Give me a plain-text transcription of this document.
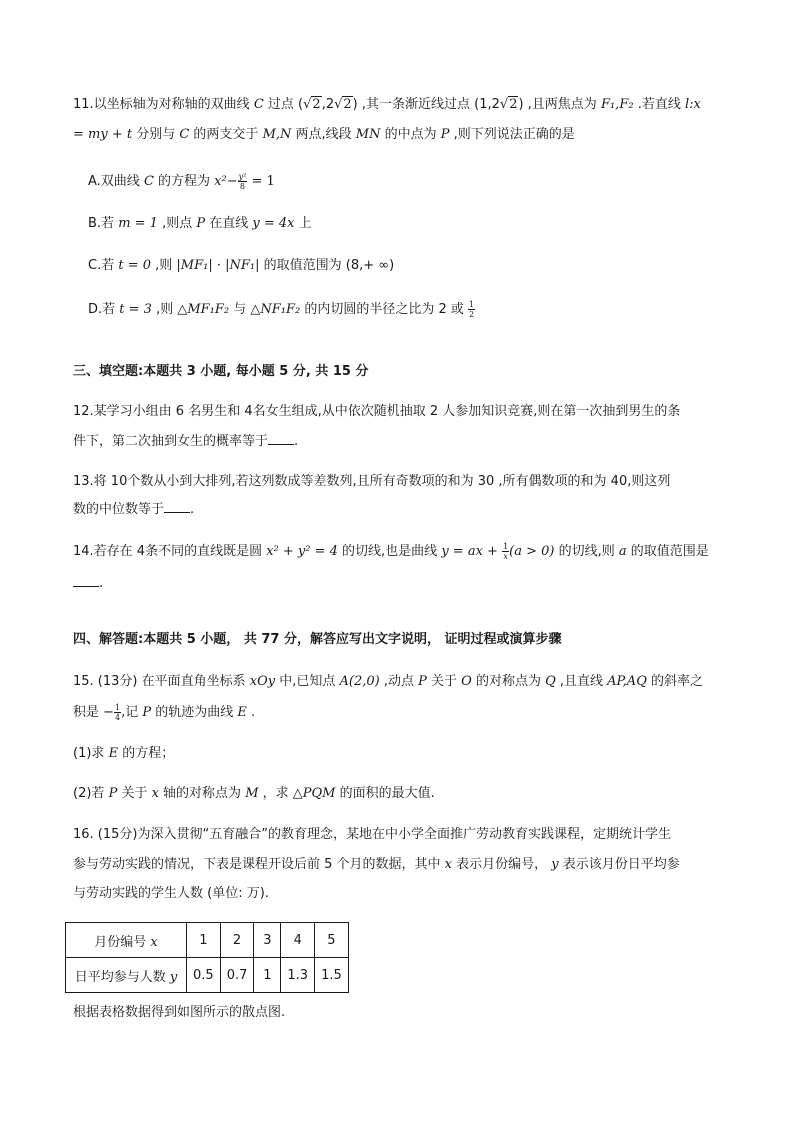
11.以坐标轴为对称轴的双曲线 C 过点 (√2,2√2) ,其一条渐近线过点 (1,2√2) ,且两焦点为 F₁,F₂ .若直线 l:x
= my + t 分别与 C 的两支交于 M,N 两点,线段 MN 的中点为 P ,则下列说法正确的是
A.双曲线 C 的方程为 $x^2- \frac{\text{y²}}{8} = 1$
B.若 m = 1 ,则点 P 在直线 y = 4x 上
C.若 t = 0 ,则 |MF₁| · |NF₁| 的取值范围为 (8,+ ∞)
D.若 t = 3 ,则 △MF₁F₂ 与 △NF₁F₂ 的内切圆的半径之比为 2 或 $\frac{1}{2}$
三、填空题:本题共 3 小题, 每小题 5 分, 共 15 分
12.某学习小组由 6 名男生和 4名女生组成,从中依次随机抽取 2 人参加知识竞赛,则在第一次抽到男生的条
件下，第二次抽到女生的概率等于 .
13.将 10个数从小到大排列,若这列数成等差数列,且所有奇数项的和为 30 ,所有偶数项的和为 40,则这列
数的中位数等于 .
14.若存在 4条不同的直线既是圆 x² + y² = 4 的切线,也是曲线 y = ax + $\frac{1}{x} (a > 0)$ 的切线,则 a 的取值范围是
.
四、解答题:本题共 5 小题， 共 77 分，解答应写出文字说明， 证明过程或演算步骤
15. (13分) 在平面直角坐标系 xOy 中,已知点 A(2,0) ,动点 P 关于 O 的对称点为 Q ,且直线 AP,AQ 的斜率之
积是 − $\frac{1}{4}$ ,记 P 的轨迹为曲线 E .
(1)求 E 的方程；
(2)若 P 关于 x 轴的对称点为 M ，求 △PQM 的面积的最大值.
16. (15分)为深入贯彻“五育融合”的教育理念，某地在中小学全面推广劳动教育实践课程，定期统计学生
参与劳动实践的情况，下表是课程开设后前 5 个月的数据，其中 x 表示月份编号， y 表示该月份日平均参
与劳动实践的学生人数 (单位: 万).
月份编号 x	1	2	3	4	5
日平均参与人数 y	0.5	0.7	1	1.3	1.5
根据表格数据得到如图所示的散点图.
